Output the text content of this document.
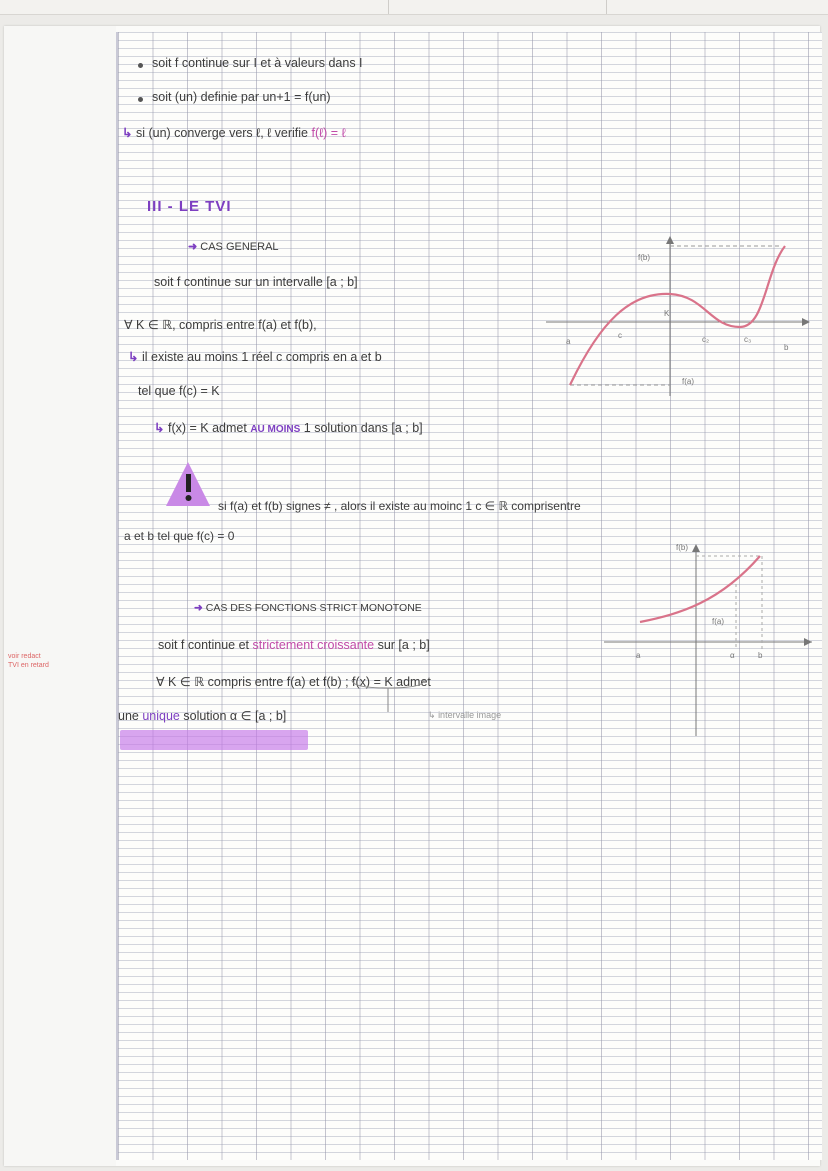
voir redact
TVI en retard
soit f continue sur I et à valeurs dans I
soit (un) definie par un+1 = f(un)
↳ si (un) converge vers ℓ, ℓ verifie f(ℓ) = ℓ
III - LE TVI
➜ CAS GENERAL
soit f continue sur un intervalle [a ; b]
∀ K ∈ ℝ, compris entre f(a) et f(b),
↳ il existe au moins 1 réel c compris en a et b
tel que f(c) = K
↳ f(x) = K admet AU MOINS 1 solution dans [a ; b]
f(b)
f(a)
a
b
c	c₂	c₃
K
si f(a) et f(b) signes ≠ , alors il existe au moinc 1 c ∈ ℝ comprisentre
a et b tel que f(c) = 0
f(b)
f(a)
a	b
α
➜ CAS DES FONCTIONS STRICT MONOTONE
soit f continue et strictement croissante sur [a ; b]
∀ K ∈ ℝ compris entre f(a) et f(b) ; f(x) = K admet
une unique solution α ∈ [a ; b]	↳ intervalle image
